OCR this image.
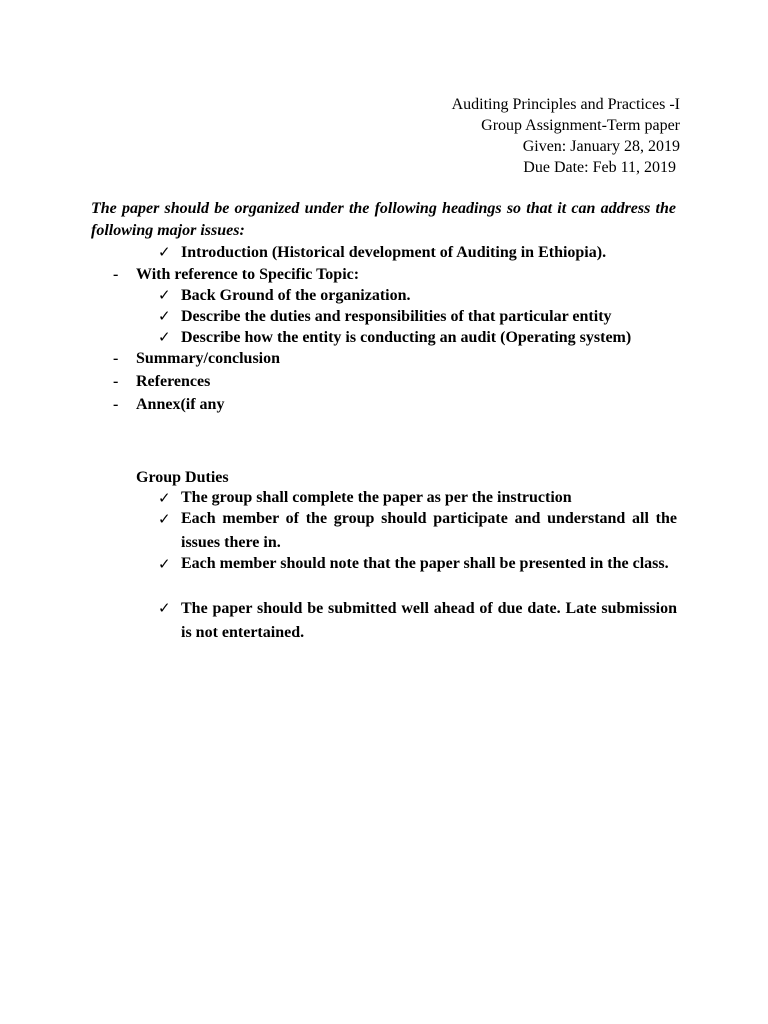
Auditing Principles and Practices -I
Group Assignment-Term paper
Given: January 28, 2019
Due Date: Feb 11, 2019
The paper should be organized under the following headings so that it can address the following major issues:
✓ Introduction (Historical development of Auditing in Ethiopia).
- With reference to Specific Topic:
✓ Back Ground of the organization.
✓ Describe the duties and responsibilities of that particular entity
✓ Describe how the entity is conducting an audit (Operating system)
- Summary/conclusion
- References
- Annex(if any
Group Duties
✓ The group shall complete the paper as per the instruction
✓ Each member of the group should participate and understand all the issues there in.
✓ Each member should note that the paper shall be presented in the class.
✓ The paper should be submitted well ahead of due date. Late submission is not entertained.
